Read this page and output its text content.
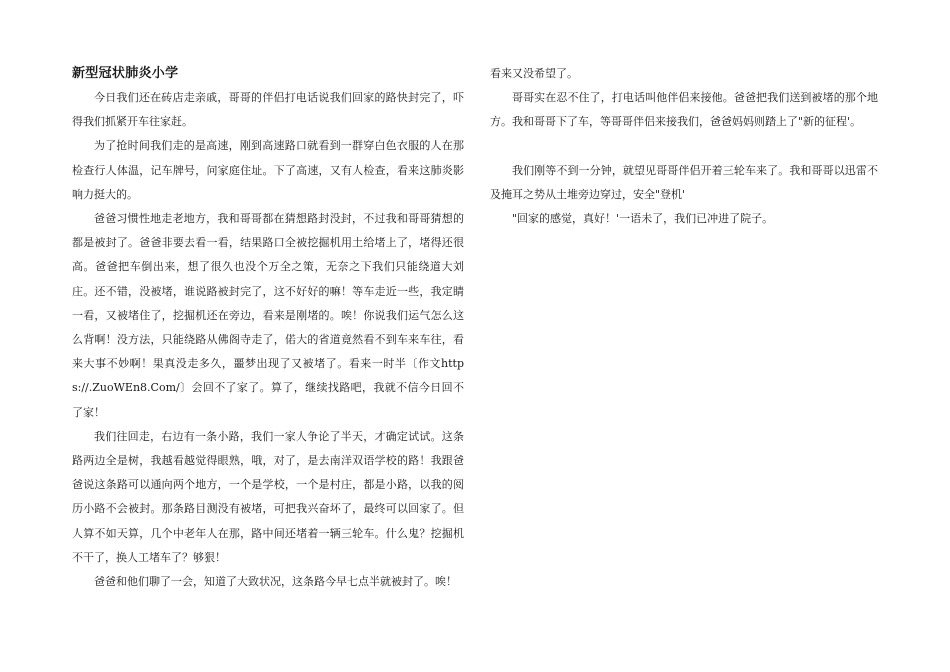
新型冠状肺炎小学

今日我们还在砖店走亲戚，哥哥的伴侣打电话说我们回家的路快封完了，吓得我们抓紧开车往家赶。

为了抢时间我们走的是高速，刚到高速路口就看到一群穿白色衣服的人在那检查行人体温，记车牌号，问家庭住址。下了高速，又有人检查，看来这肺炎影响力挺大的。

爸爸习惯性地走老地方，我和哥哥都在猜想路封没封，不过我和哥哥猜想的都是被封了。爸爸非要去看一看，结果路口全被挖掘机用土给堵上了，堵得还很高。爸爸把车倒出来，想了很久也没个万全之策，无奈之下我们只能绕道大刘庄。还不错，没被堵，谁说路被封完了，这不好好的嘛！等车走近一些，我定睛一看，又被堵住了，挖掘机还在旁边，看来是刚堵的。唉！你说我们运气怎么这么背啊！没方法，只能绕路从佛阁寺走了，偌大的省道竟然看不到车来车往，看来大事不妙啊！果真没走多久，噩梦出现了又被堵了。看来一时半〔作文https://.ZuoWEn8.Com/〕会回不了家了。算了，继续找路吧，我就不信今日回不了家！

我们往回走，右边有一条小路，我们一家人争论了半天，才确定试试。这条路两边全是树，我越看越觉得眼熟，哦，对了，是去南洋双语学校的路！我跟爸爸说这条路可以通向两个地方，一个是学校，一个是村庄，都是小路，以我的阅历小路不会被封。那条路目测没有被堵，可把我兴奋坏了，最终可以回家了。但人算不如天算，几个中老年人在那，路中间还堵着一辆三轮车。什么鬼？挖掘机不干了，换人工堵车了？够狠！

爸爸和他们聊了一会，知道了大致状况，这条路今早七点半就被封了。唉！

看来又没希望了。

哥哥实在忍不住了，打电话叫他伴侣来接他。爸爸把我们送到被堵的那个地方。我和哥哥下了车，等哥哥伴侣来接我们，爸爸妈妈则踏上了"新的征程'。

我们刚等不到一分钟，就望见哥哥伴侣开着三轮车来了。我和哥哥以迅雷不及掩耳之势从土堆旁边穿过，安全"登机'

"回家的感觉，真好！'一语未了，我们已冲进了院子。
